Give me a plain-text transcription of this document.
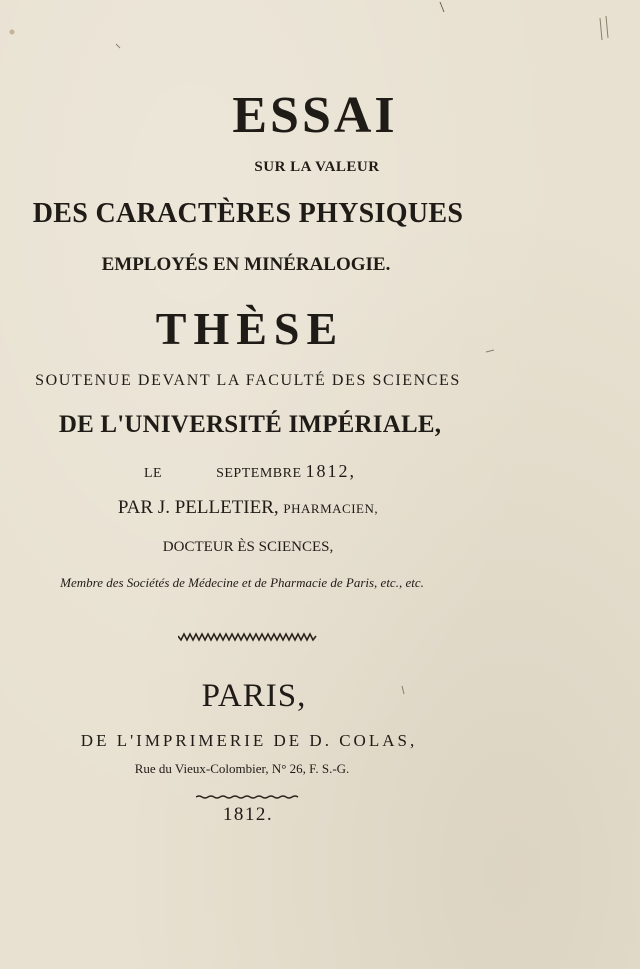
ESSAI
SUR LA VALEUR
DES CARACTÈRES PHYSIQUES
EMPLOYÉS EN MINÉRALOGIE.
THÈSE
SOUTENUE DEVANT LA FACULTÉ DES SCIENCES
DE L'UNIVERSITÉ IMPÉRIALE,
LE	SEPTEMBRE 1812,
PAR J. PELLETIER, PHARMACIEN,
DOCTEUR ÈS SCIENCES,
Membre des Sociétés de Médecine et de Pharmacie de Paris, etc., etc.
PARIS,
DE L'IMPRIMERIE DE D. COLAS,
Rue du Vieux-Colombier, N° 26, F. S.-G.
1812.
